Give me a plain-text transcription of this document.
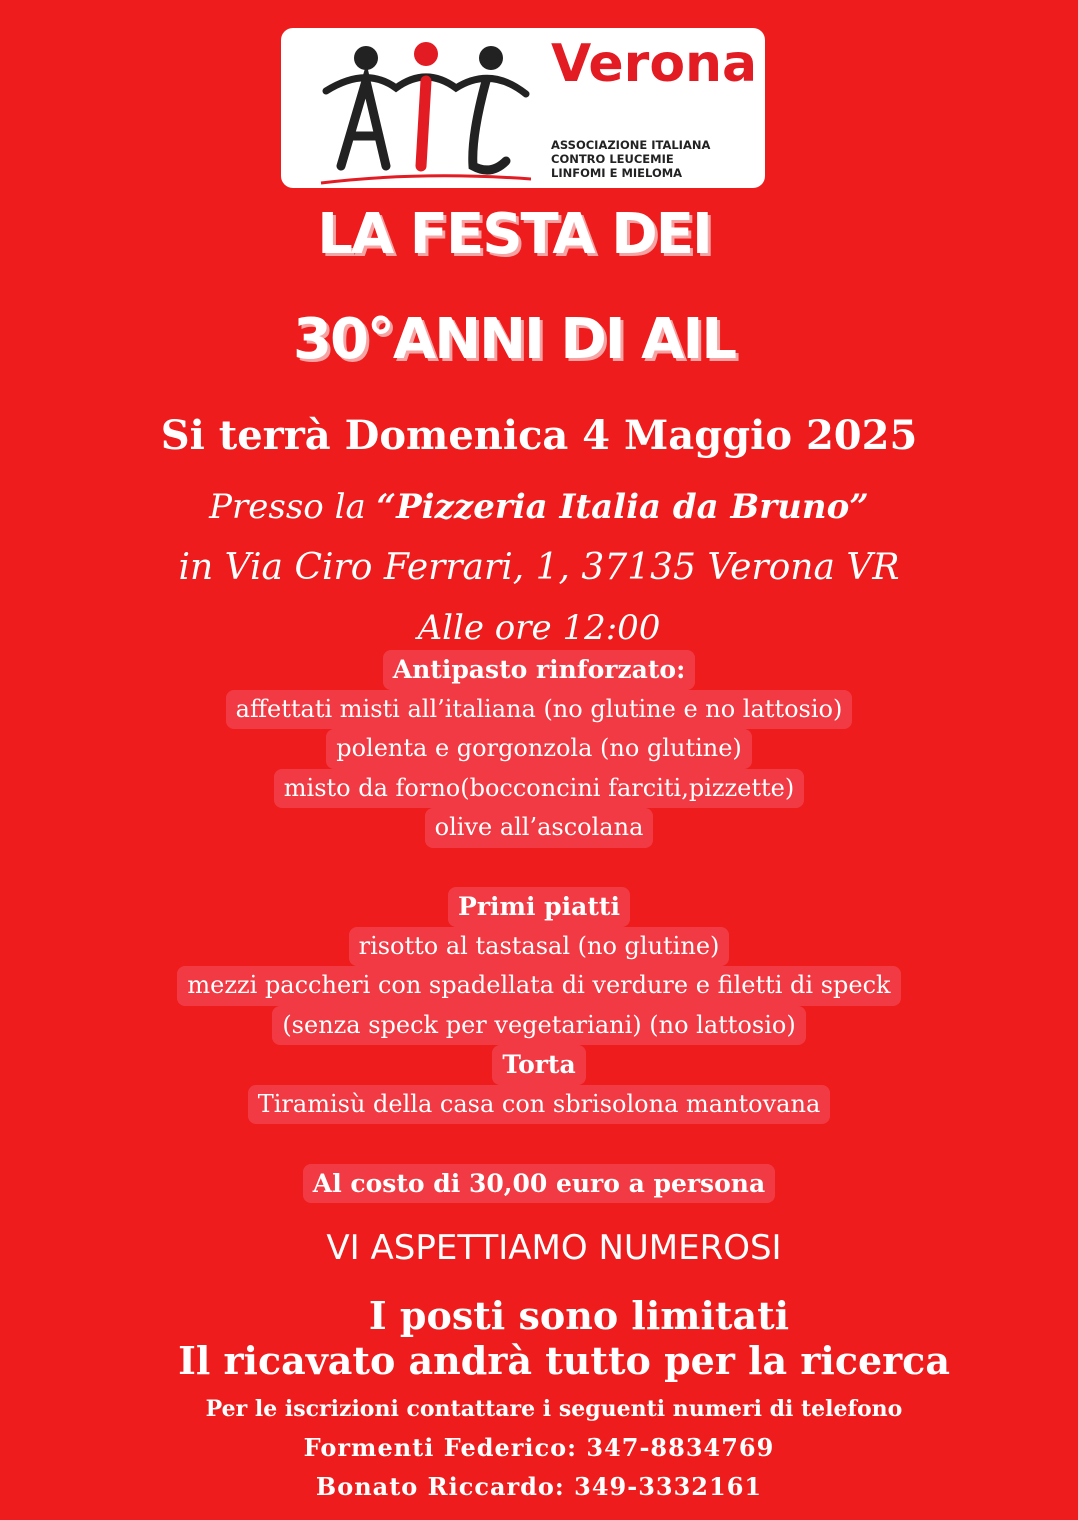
Verona
ASSOCIAZIONE ITALIANA
CONTRO LEUCEMIE
LINFOMI E MIELOMA
LA FESTA DEI
30°ANNI DI AIL
Si terrà Domenica 4 Maggio 2025
Presso la “Pizzeria Italia da Bruno”
in Via Ciro Ferrari, 1, 37135 Verona VR
Alle ore 12:00
Antipasto rinforzato:
affettati misti all’italiana (no glutine e no lattosio)
polenta e gorgonzola (no glutine)
misto da forno(bocconcini farciti,pizzette)
olive all’ascolana
Primi piatti
risotto al tastasal (no glutine)
mezzi paccheri con spadellata di verdure e filetti di speck
(senza speck per vegetariani) (no lattosio)
Torta
Tiramisù della casa con sbrisolona mantovana
Al costo di 30,00 euro a persona
VI ASPETTIAMO NUMEROSI
I posti sono limitati
Il ricavato andrà tutto per la ricerca
Per le iscrizioni contattare i seguenti numeri di telefono
Formenti Federico: 347-8834769
Bonato Riccardo: 349-3332161
